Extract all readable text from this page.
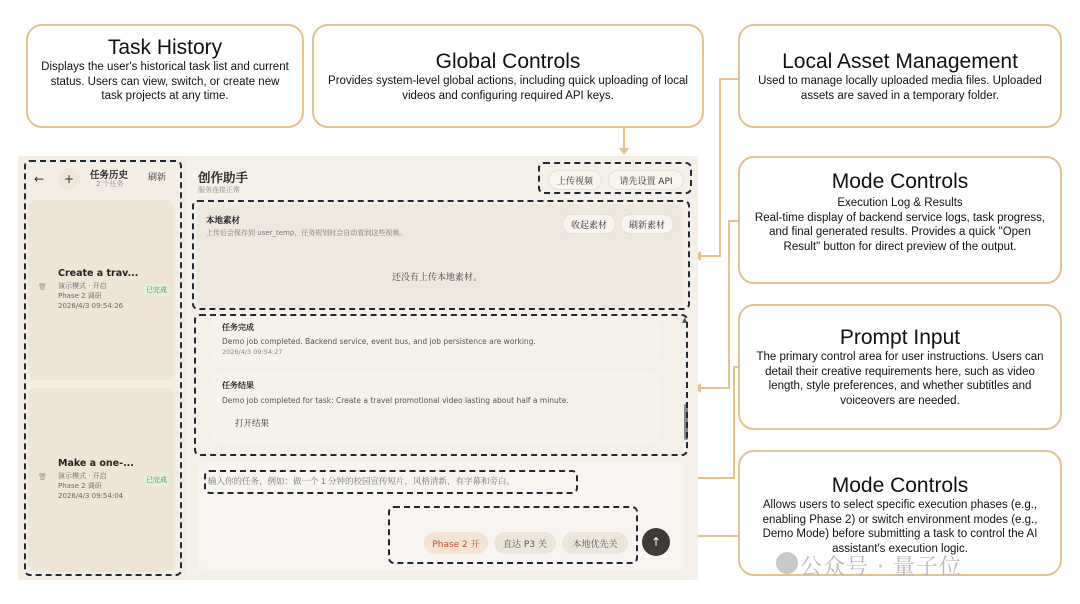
Task History

Displays the user's historical task list and current status. Users can view, switch, or create new task projects at any time.

Global Controls

Provides system-level global actions, including quick uploading of local videos and configuring required API keys.

Local Asset Management

Used to manage locally uploaded media files. Uploaded assets are saved in a temporary folder.

Mode Controls

Execution Log & Results

Real-time display of backend service logs, task progress, and final generated results. Provides a quick "Open Result" button for direct preview of the output.

Prompt Input

The primary control area for user instructions. Users can detail their creative requirements here, such as video length, style preferences, and whether subtitles and voiceovers are needed.

Mode Controls

Allows users to select specific execution phases (e.g., enabling Phase 2) or switch environment modes (e.g., Demo Mode) before submitting a task to control the AI assistant's execution logic.

←	+	任务历史
2 个任务
刷新
Create a trav...
演示模式 · 开启
Phase 2 调研
2026/4/3 09:54:26
🗑	已完成
Make a one-...
演示模式 · 开启
Phase 2 调研
2026/4/3 09:54:04
🗑	已完成
创作助手
服务连接正常
上传视频	请先设置 API
本地素材
上传后会保存到 user_temp，任务规划时会自动看到这些视频。
收起素材	刷新素材
还没有上传本地素材。
任务完成
Demo job completed. Backend service, event bus, and job persistence are working.
2026/4/3 09:54:27
任务结果
Demo job completed for task: Create a travel promotional video lasting about half a minute.
打开结果
▲
输入你的任务，例如：做一个 1 分钟的校园宣传短片，风格清新，有字幕和旁白。
Phase 2 开	直达 P3 关	本地优先关	↑
公众号 · 量子位
